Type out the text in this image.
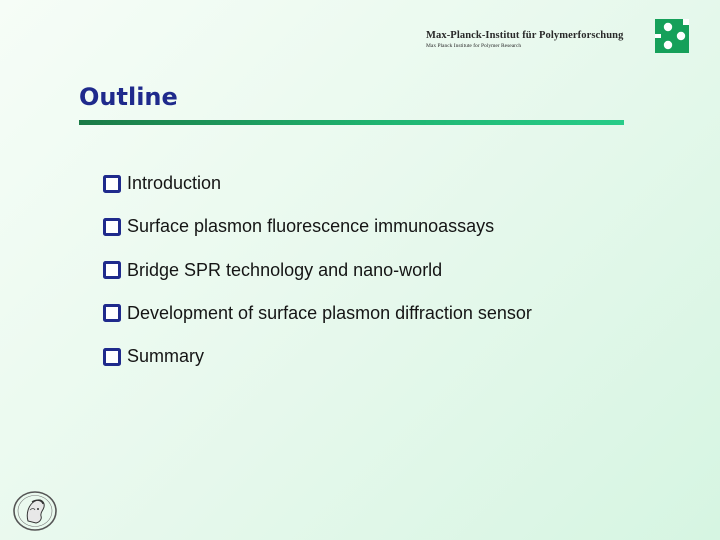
Max-Planck-Institut für Polymerforschung
Max Planck Institute for Polymer Research
Outline
Introduction
Surface plasmon fluorescence immunoassays
Bridge SPR technology and nano-world
Development of surface plasmon diffraction sensor
Summary
